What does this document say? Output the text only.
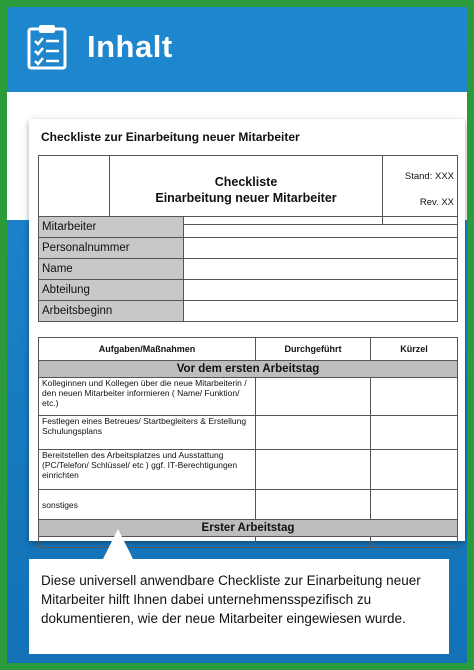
Inhalt
Checkliste zur Einarbeitung neuer Mitarbeiter

Checkliste
Einarbeitung neuer Mitarbeiter

Stand: XXX
Rev. XX
Mitarbeiter	
Personalnummer	
Name	
Abteilung	
Arbeitsbeginn	
Aufgaben/Maßnahmen	Durchgeführt	Kürzel
Vor dem ersten Arbeitstag		
Kolleginnen und Kollegen über die neue Mitarbeiterin / den neuen Mitarbeiter informieren ( Name/ Funktion/ etc.)		
Festlegen eines Betreues/ Startbegleiters & Erstellung Schulungsplans		
Bereitstellen des Arbeitsplatzes und Ausstattung (PC/Telefon/ Schlüssel/ etc ) ggf. IT-Berechtigungen einrichten		
sonstiges		
Erster Arbeitstag		

Diese universell anwendbare Checkliste zur Einarbeitung neuer Mitarbeiter hilft Ihnen dabei unternehmensspezifisch zu dokumentieren, wie der neue Mitarbeiter eingewiesen wurde.
